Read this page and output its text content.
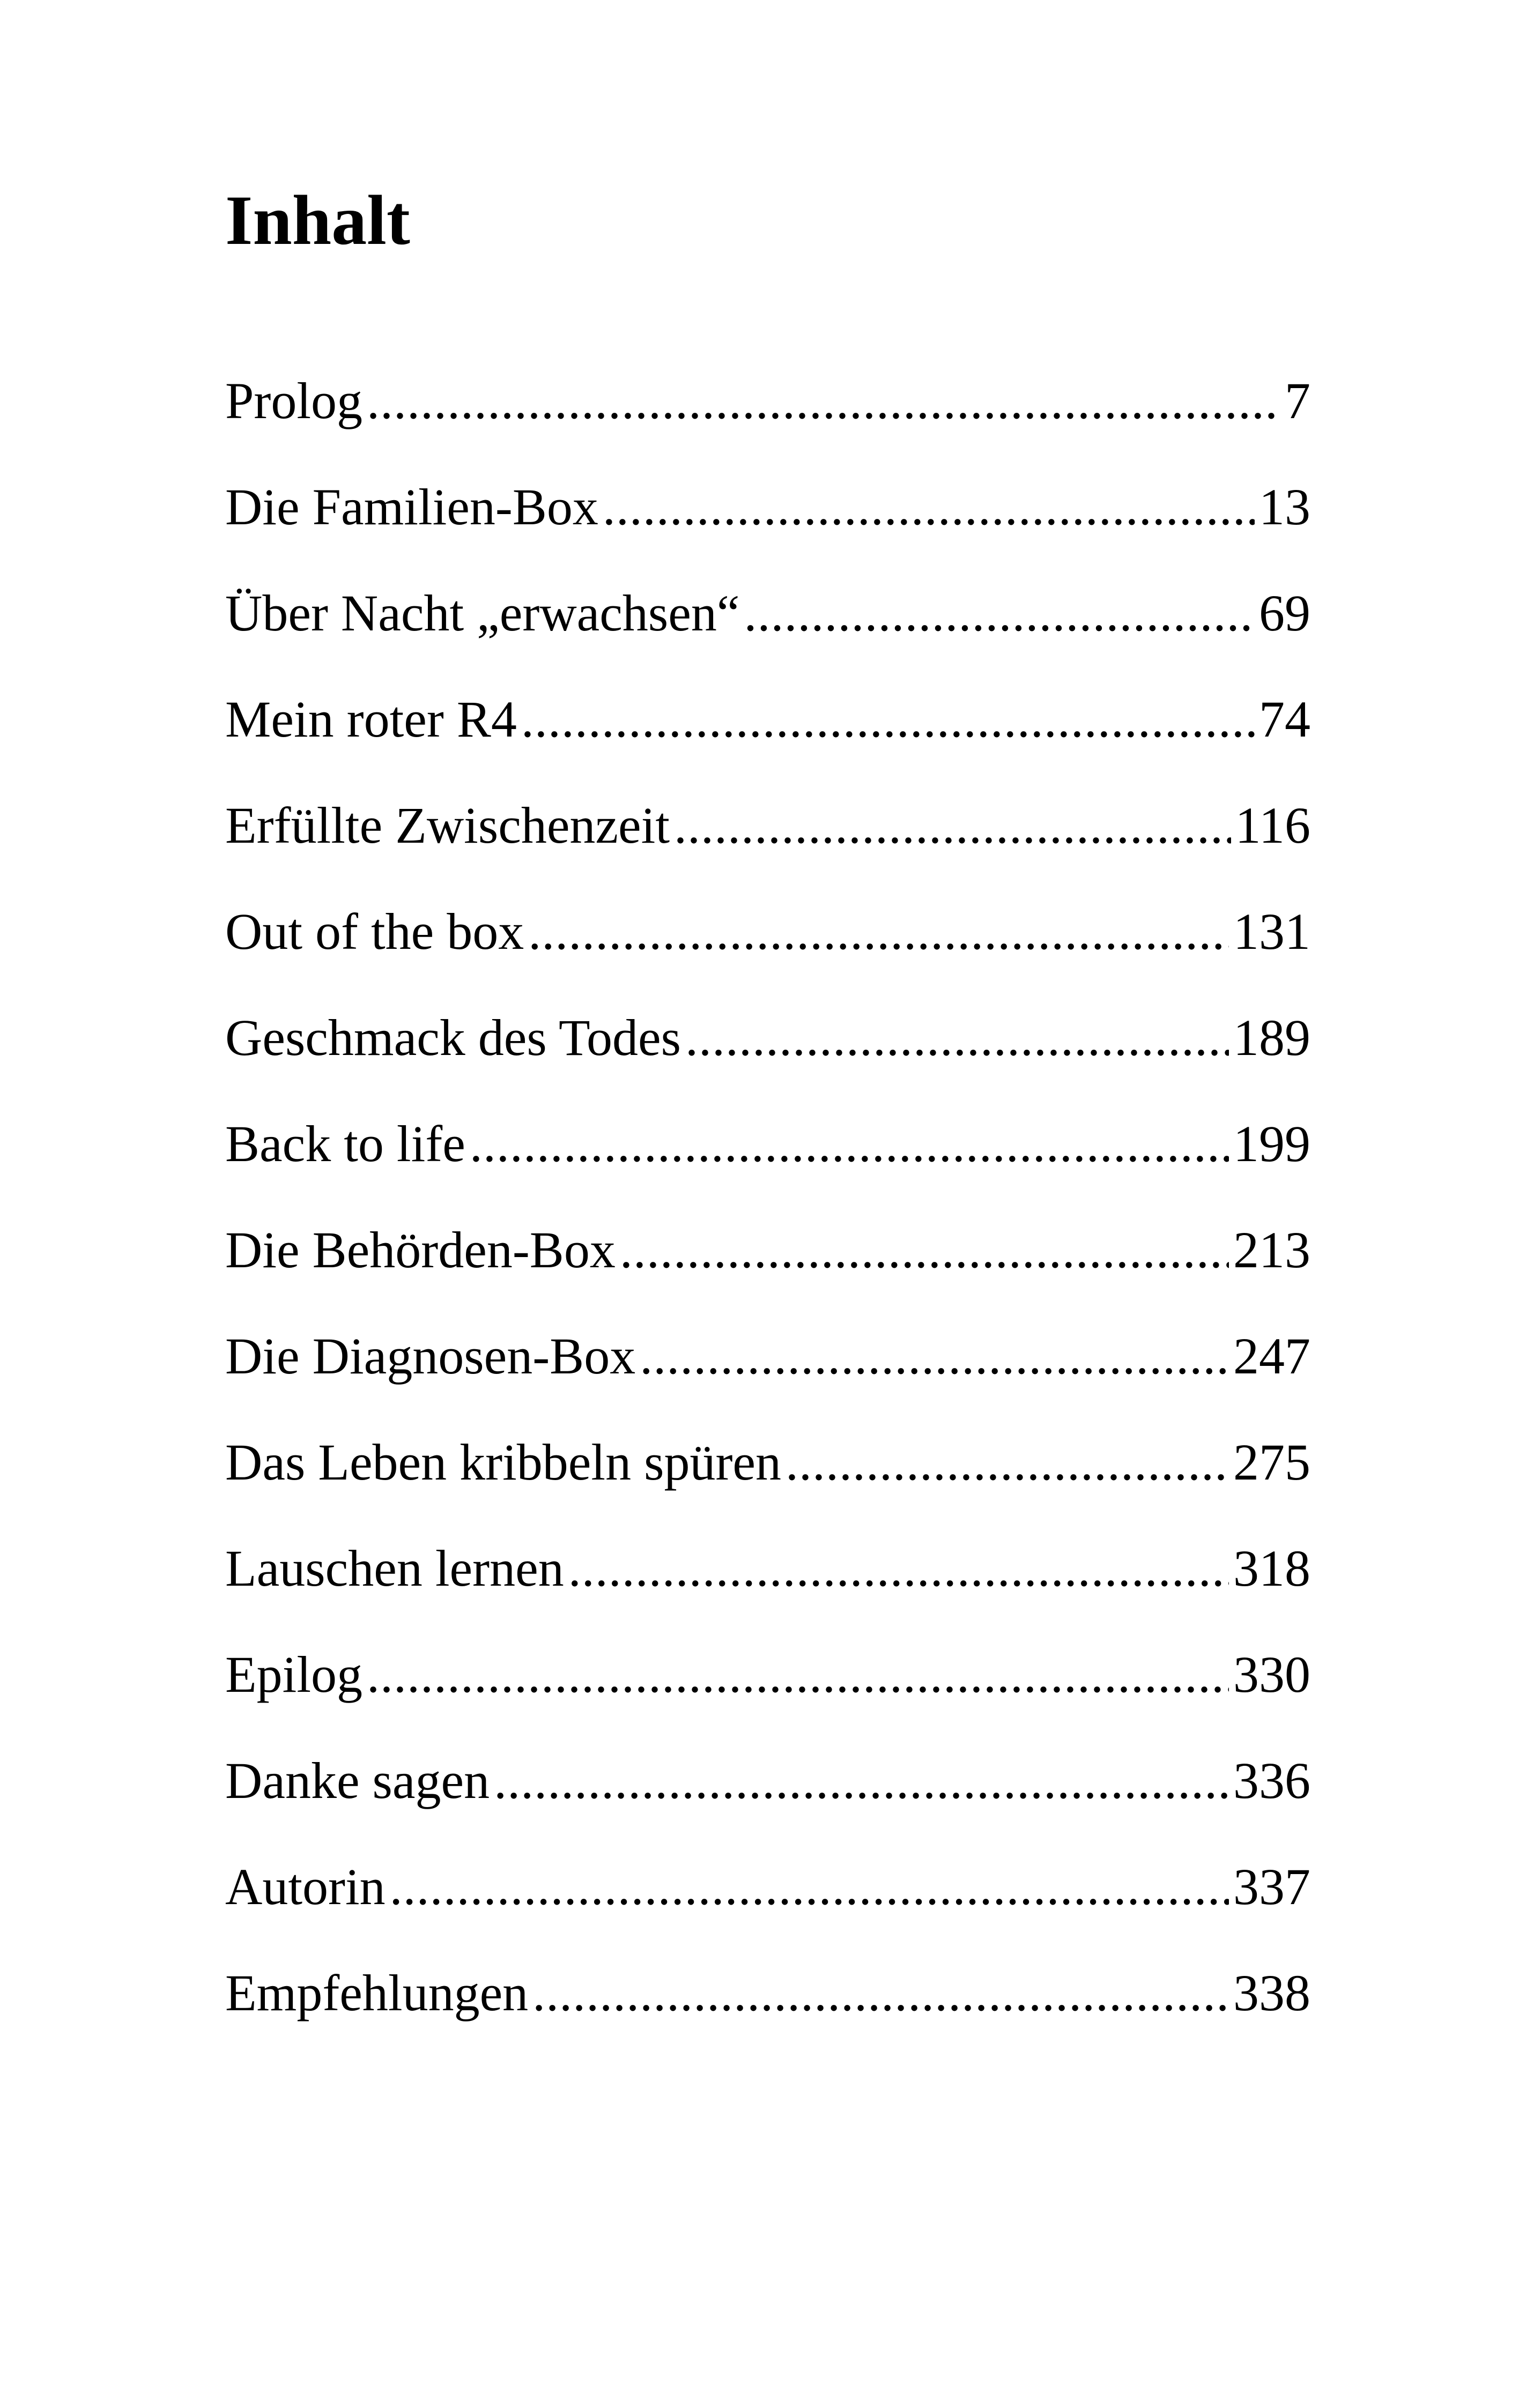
Inhalt
Prolog .....	7
Die Familien-Box .....	13
Über Nacht „erwachsen“ .....	69
Mein roter R4 .....	74
Erfüllte Zwischenzeit .....	116
Out of the box .....	131
Geschmack des Todes .....	189
Back to life .....	199
Die Behörden-Box .....	213
Die Diagnosen-Box .....	247
Das Leben kribbeln spüren .....	275
Lauschen lernen .....	318
Epilog .....	330
Danke sagen .....	336
Autorin .....	337
Empfehlungen .....	338
